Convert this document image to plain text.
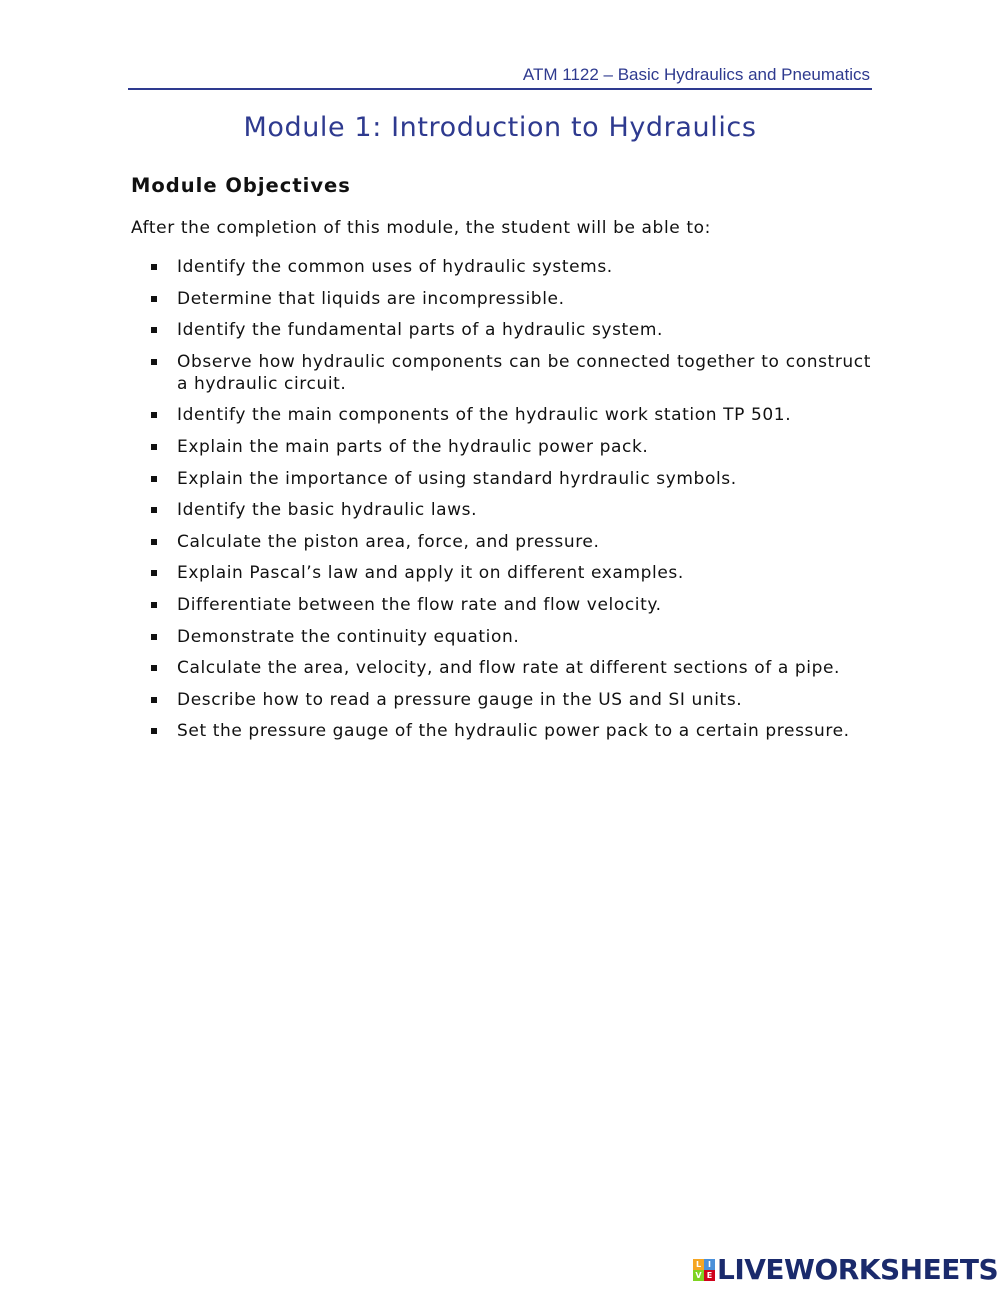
ATM 1122 – Basic Hydraulics and Pneumatics
Module 1: Introduction to Hydraulics
Module Objectives

After the completion of this module, the student will be able to:

Identify the common uses of hydraulic systems.
Determine that liquids are incompressible.
Identify the fundamental parts of a hydraulic system.
Observe how hydraulic components can be connected together to construct a hydraulic circuit.
Identify the main components of the hydraulic work station TP 501.
Explain the main parts of the hydraulic power pack.
Explain the importance of using standard hyrdraulic symbols.
Identify the basic hydraulic laws.
Calculate the piston area, force, and pressure.
Explain Pascal’s law and apply it on different examples.
Differentiate between the flow rate and flow velocity.
Demonstrate the continuity equation.
Calculate the area, velocity, and flow rate at different sections of a pipe.
Describe how to read a pressure gauge in the US and SI units.
Set the pressure gauge of the hydraulic power pack to a certain pressure.
L I
V E LIVEWORKSHEETS
